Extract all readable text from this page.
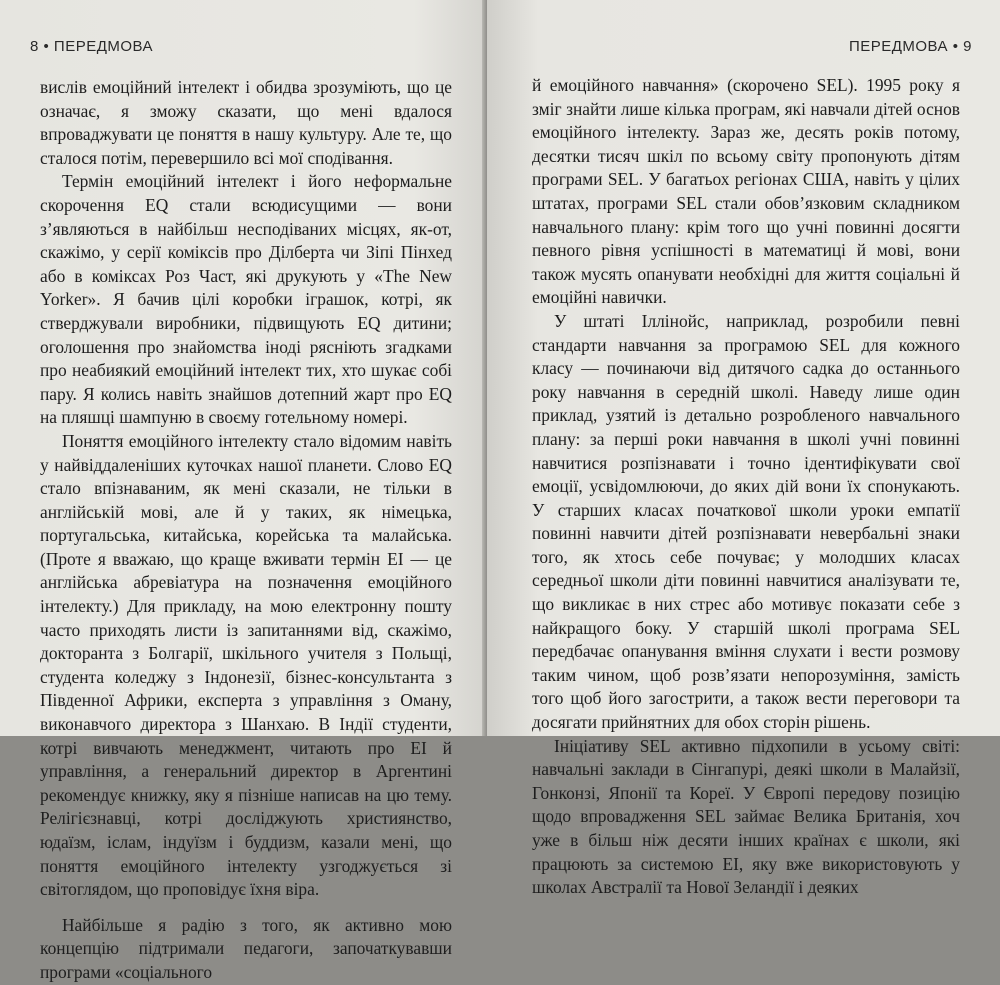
8 • ПЕРЕДМОВА

вислів емоційний інтелект і обидва зрозуміють, що це означає, я зможу сказати, що мені вдалося впроваджувати це поняття в нашу культуру. Але те, що сталося потім, перевершило всі мої сподівання.

Термін емоційний інтелект і його неформальне скорочення EQ стали всюдисущими — вони з’являються в найбільш несподіваних місцях, як-от, скажімо, у серії коміксів про Ділберта чи Зіпі Пінхед або в коміксах Роз Част, які друкують у «The New Yorker». Я бачив цілі коробки іграшок, котрі, як стверджували виробники, підвищують EQ дитини; оголошення про знайомства іноді рясніють згадками про неабиякий емоційний інтелект тих, хто шукає собі пару. Я колись навіть знайшов дотепний жарт про EQ на пляшці шампуню в своєму готельному номері.

Поняття емоційного інтелекту стало відомим навіть у найвіддаленіших куточках нашої планети. Слово EQ стало впізнаваним, як мені сказали, не тільки в англійській мові, але й у таких, як німецька, португальська, китайська, корейська та малайська. (Проте я вважаю, що краще вживати термін EI — це англійська абревіатура на позначення емоційного інтелекту.) Для прикладу, на мою електронну пошту часто приходять листи із запитаннями від, скажімо, докторанта з Болгарії, шкільного учителя з Польщі, студента коледжу з Індонезії, бізнес-консультанта з Південної Африки, експерта з управління з Оману, виконавчого директора з Шанхаю. В Індії студенти, котрі вивчають менеджмент, читають про EI й управління, а генеральний директор в Аргентині рекомендує книжку, яку я пізніше написав на цю тему. Релігієзнавці, котрі досліджують християнство, юдаїзм, іслам, індуїзм і буддизм, казали мені, що поняття емоційного інтелекту узгоджується зі світоглядом, що проповідує їхня віра.

Найбільше я радію з того, як активно мою концепцію підтримали педагоги, започаткувавши програми «соціального

ПЕРЕДМОВА • 9

й емоційного навчання» (скорочено SEL). 1995 року я зміг знайти лише кілька програм, які навчали дітей основ емоційного інтелекту. Зараз же, десять років потому, десятки тисяч шкіл по всьому світу пропонують дітям програми SEL. У багатьох регіонах США, навіть у цілих штатах, програми SEL стали обов’язковим складником навчального плану: крім того що учні повинні досягти певного рівня успішності в математиці й мові, вони також мусять опанувати необхідні для життя соціальні й емоційні навички.

У штаті Іллінойс, наприклад, розробили певні стандарти навчання за програмою SEL для кожного класу — починаючи від дитячого садка до останнього року навчання в середній школі. Наведу лише один приклад, узятий із детально розробленого навчального плану: за перші роки навчання в школі учні повинні навчитися розпізнавати і точно ідентифікувати свої емоції, усвідомлюючи, до яких дій вони їх спонукають. У старших класах початкової школи уроки емпатії повинні навчити дітей розпізнавати невербальні знаки того, як хтось себе почуває; у молодших класах середньої школи діти повинні навчитися аналізувати те, що викликає в них стрес або мотивує показати себе з найкращого боку. У старшій школі програма SEL передбачає опанування вміння слухати і вести розмову таким чином, щоб розв’язати непорозуміння, замість того щоб його загострити, а також вести переговори та досягати прийнятних для обох сторін рішень.

Ініціативу SEL активно підхопили в усьому світі: навчальні заклади в Сінгапурі, деякі школи в Малайзії, Гонконзі, Японії та Кореї. У Європі передову позицію щодо впровадження SEL займає Велика Британія, хоч уже в більш ніж десяти інших країнах є школи, які працюють за системою EI, яку вже використовують у школах Австралії та Нової Зеландії і деяких
